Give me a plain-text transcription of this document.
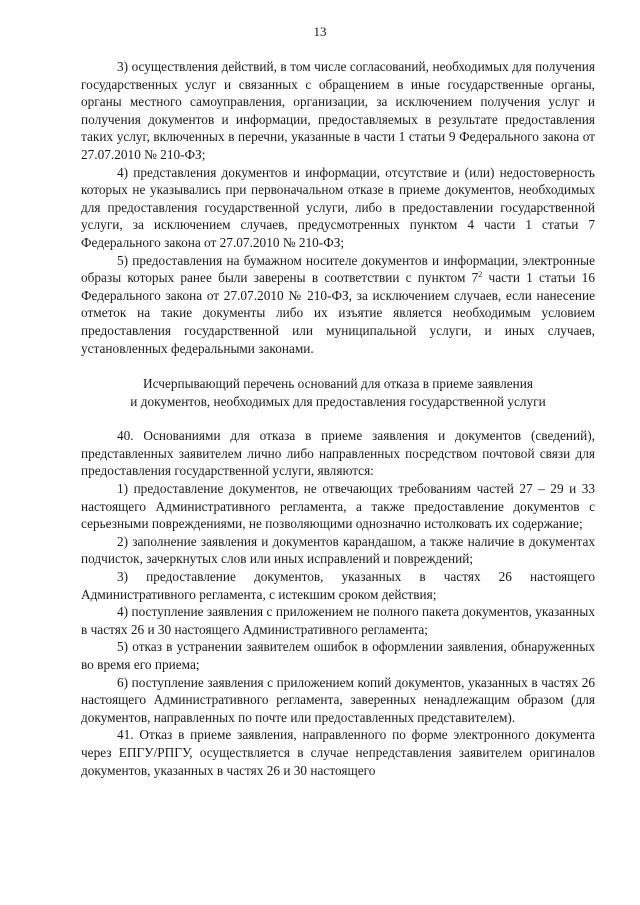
13

3) осуществления действий, в том числе согласований, необходимых для получения государственных услуг и связанных с обращением в иные государственные органы, органы местного самоуправления, организации, за исключением получения услуг и получения документов и информации, предоставляемых в результате предоставления таких услуг, включенных в перечни, указанные в части 1 статьи 9 Федерального закона от 27.07.2010 № 210-ФЗ;

4) представления документов и информации, отсутствие и (или) недостоверность которых не указывались при первоначальном отказе в приеме документов, необходимых для предоставления государственной услуги, либо в предоставлении государственной услуги, за исключением случаев, предусмотренных пунктом 4 части 1 статьи 7 Федерального закона от 27.07.2010 № 210-ФЗ;

5) предоставления на бумажном носителе документов и информации, электронные образы которых ранее были заверены в соответствии с пунктом $7^2$ части 1 статьи 16 Федерального закона от 27.07.2010 № 210-ФЗ, за исключением случаев, если нанесение отметок на такие документы либо их изъятие является необходимым условием предоставления государственной или муниципальной услуги, и иных случаев, установленных федеральными законами.

Исчерпывающий перечень оснований для отказа в приеме заявления
и документов, необходимых для предоставления государственной услуги

40. Основаниями для отказа в приеме заявления и документов (сведений), представленных заявителем лично либо направленных посредством почтовой связи для предоставления государственной услуги, являются:

1) предоставление документов, не отвечающих требованиям частей 27 – 29 и 33 настоящего Административного регламента, а также предоставление документов с серьезными повреждениями, не позволяющими однозначно истолковать их содержание;

2) заполнение заявления и документов карандашом, а также наличие в документах подчисток, зачеркнутых слов или иных исправлений и повреждений;

3) предоставление документов, указанных в частях 26 настоящего Административного регламента, с истекшим сроком действия;

4) поступление заявления с приложением не полного пакета документов, указанных в частях 26 и 30 настоящего Административного регламента;

5) отказ в устранении заявителем ошибок в оформлении заявления, обнаруженных во время его приема;

6) поступление заявления с приложением копий документов, указанных в частях 26 настоящего Административного регламента, заверенных ненадлежащим образом (для документов, направленных по почте или предоставленных представителем).

41. Отказ в приеме заявления, направленного по форме электронного документа через ЕПГУ/РПГУ, осуществляется в случае непредставления заявителем оригиналов документов, указанных в частях 26 и 30 настоящего
